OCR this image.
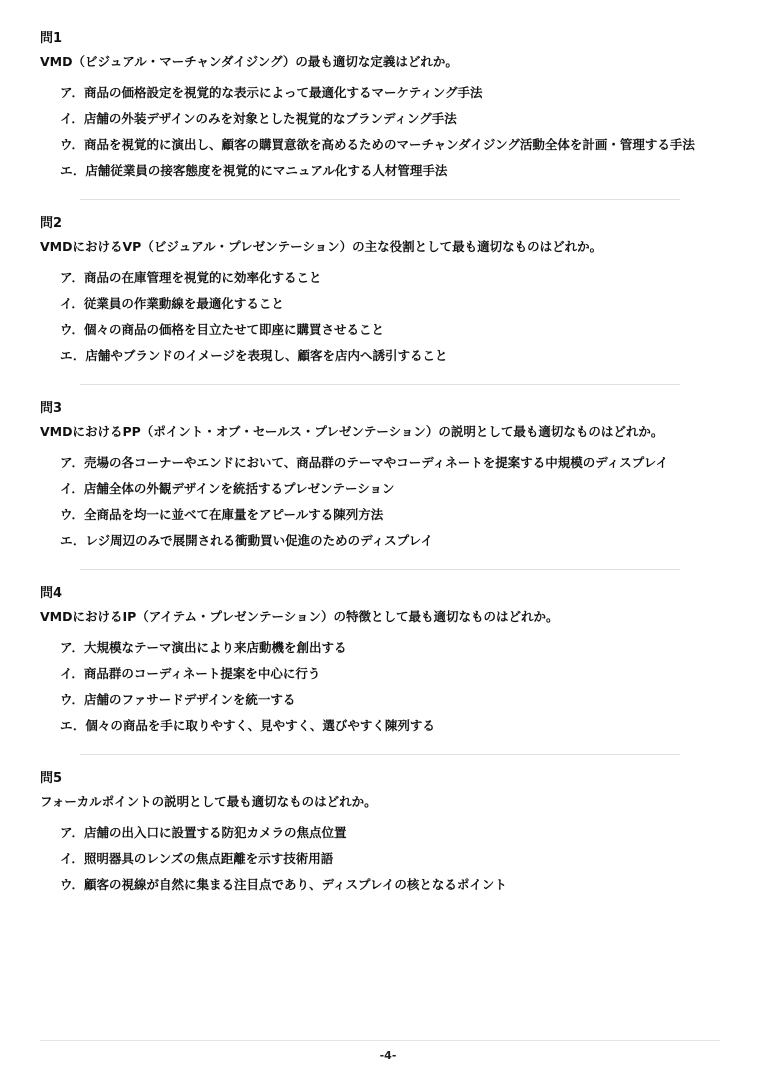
問1
VMD（ビジュアル・マーチャンダイジング）の最も適切な定義はどれか。
ア．商品の価格設定を視覚的な表示によって最適化するマーケティング手法
イ．店舗の外装デザインのみを対象とした視覚的なブランディング手法
ウ．商品を視覚的に演出し、顧客の購買意欲を高めるためのマーチャンダイジング活動全体を計画・管理する手法
エ．店舗従業員の接客態度を視覚的にマニュアル化する人材管理手法
問2
VMDにおけるVP（ビジュアル・プレゼンテーション）の主な役割として最も適切なものはどれか。
ア．商品の在庫管理を視覚的に効率化すること
イ．従業員の作業動線を最適化すること
ウ．個々の商品の価格を目立たせて即座に購買させること
エ．店舗やブランドのイメージを表現し、顧客を店内へ誘引すること
問3
VMDにおけるPP（ポイント・オブ・セールス・プレゼンテーション）の説明として最も適切なものはどれか。
ア．売場の各コーナーやエンドにおいて、商品群のテーマやコーディネートを提案する中規模のディスプレイ
イ．店舗全体の外観デザインを統括するプレゼンテーション
ウ．全商品を均一に並べて在庫量をアピールする陳列方法
エ．レジ周辺のみで展開される衝動買い促進のためのディスプレイ
問4
VMDにおけるIP（アイテム・プレゼンテーション）の特徴として最も適切なものはどれか。
ア．大規模なテーマ演出により来店動機を創出する
イ．商品群のコーディネート提案を中心に行う
ウ．店舗のファサードデザインを統一する
エ．個々の商品を手に取りやすく、見やすく、選びやすく陳列する
問5
フォーカルポイントの説明として最も適切なものはどれか。
ア．店舗の出入口に設置する防犯カメラの焦点位置
イ．照明器具のレンズの焦点距離を示す技術用語
ウ．顧客の視線が自然に集まる注目点であり、ディスプレイの核となるポイント
-4-
